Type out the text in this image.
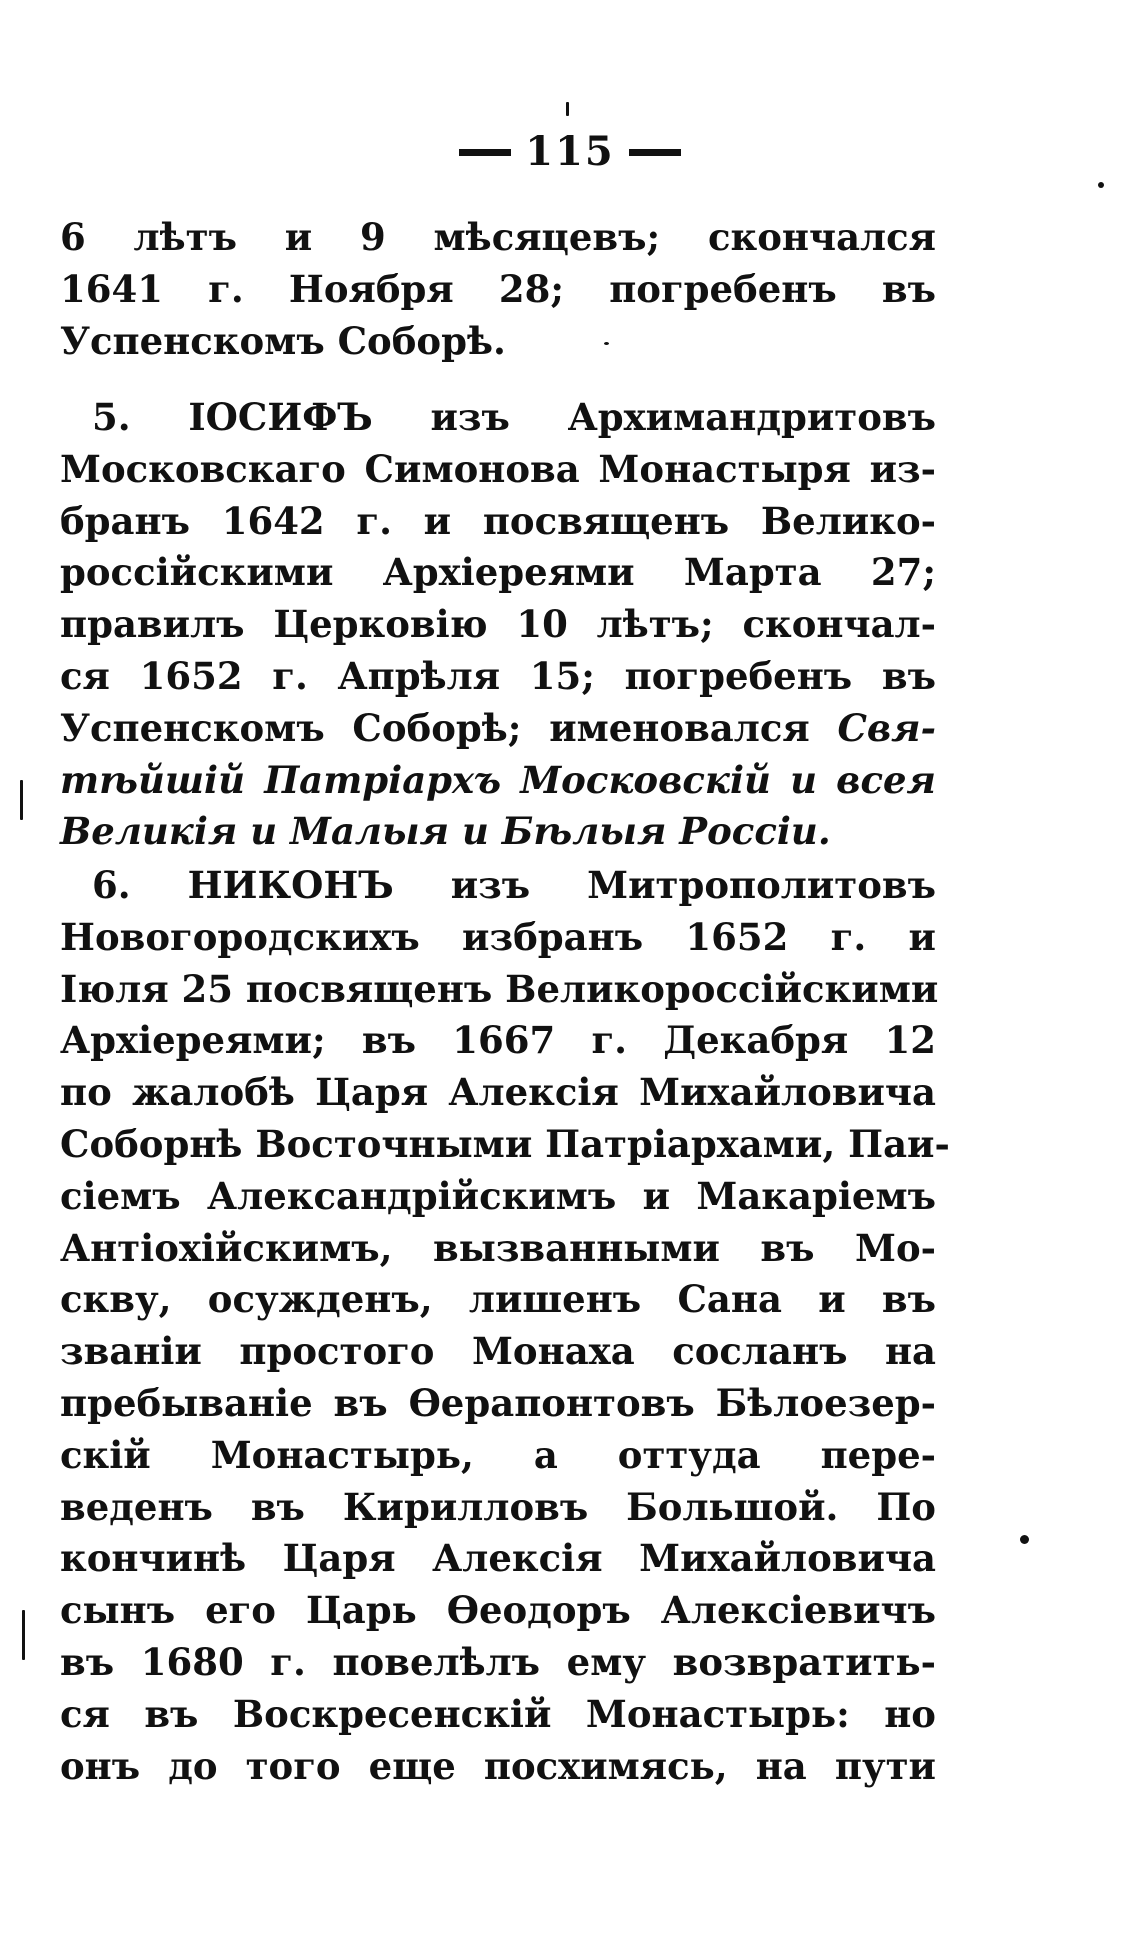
115
6 лѣтъ и 9 мѣсяцевъ; скончался
1641 г. Ноября 28; погребенъ въ
Успенскомъ Соборѣ.
5. IОСИФЪ изъ Архимандритовъ
Московскаго Симонова Монастыря из-
бранъ 1642 г. и посвященъ Велико-
россiйскими Архiереями Марта 27;
правилъ Церковiю 10 лѣтъ; скончал-
ся 1652 г. Апрѣля 15; погребенъ въ
Успенскомъ Соборѣ; именовался Свя-
тѣйшiй Патрiархъ Московскiй и всея
Великiя и Малыя и Бѣлыя Россiи.
6. НИКОНЪ изъ Митрополитовъ
Новогородскихъ избранъ 1652 г. и
Iюля 25 посвященъ Великороссiйскими
Архiереями; въ 1667 г. Декабря 12
по жалобѣ Царя Алексiя Михайловича
Соборнѣ Восточными Патрiархами, Паи-
сiемъ Александрiйскимъ и Макарiемъ
Антiохiйскимъ, вызванными въ Мо-
скву, осужденъ, лишенъ Сана и въ
званiи простого Монаха сосланъ на
пребыванiе въ Ѳерапонтовъ Бѣлоезер-
скiй Монастырь, а оттуда пере-
веденъ въ Кирилловъ Большой. По
кончинѣ Царя Алексiя Михайловича
сынъ его Царь Ѳеодоръ Алексiевичъ
въ 1680 г. повелѣлъ ему возвратить-
ся въ Воскресенскiй Монастырь: но
онъ до того еще посхимясь, на пути
